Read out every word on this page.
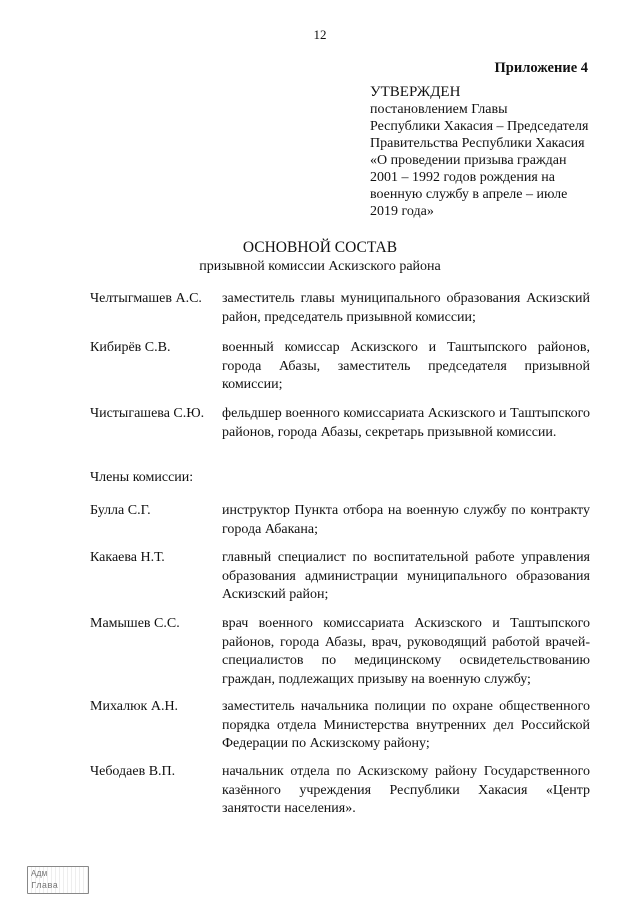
12
Приложение 4
УТВЕРЖДЕН
постановлением Главы
Республики Хакасия – Председателя
Правительства Республики Хакасия
«О проведении призыва граждан
2001 – 1992 годов рождения на
военную службу в апреле – июле
2019 года»
ОСНОВНОЙ СОСТАВ
призывной комиссии Аскизского района
Челтыгмашев А.С.	заместитель главы муниципального образования Аскизский район, председатель призывной комиссии;
Кибирёв С.В.	военный комиссар Аскизского и Таштыпского районов, города Абазы, заместитель председателя призывной комиссии;
Чистыгашева С.Ю.	фельдшер военного комиссариата Аскизского и Таштыпского районов, города Абазы, секретарь призывной комиссии.
Члены комиссии:
Булла С.Г.	инструктор Пункта отбора на военную службу по контракту города Абакана;
Какаева Н.Т.	главный специалист по воспитательной работе управления образования администрации муниципального образования Аскизский район;
Мамышев С.С.	врач военного комиссариата Аскизского и Таштыпского районов, города Абазы, врач, руководящий работой врачей-специалистов по медицинскому освидетельствованию граждан, подлежащих призыву на военную службу;
Михалюк А.Н.	заместитель начальника полиции по охране общественного порядка отдела Министерства внутренних дел Российской Федерации по Аскизскому району;
Чебодаев В.П.	начальник отдела по Аскизскому району Государственного казённого учреждения Республики Хакасия «Центр занятости населения».
Адм
Глава
